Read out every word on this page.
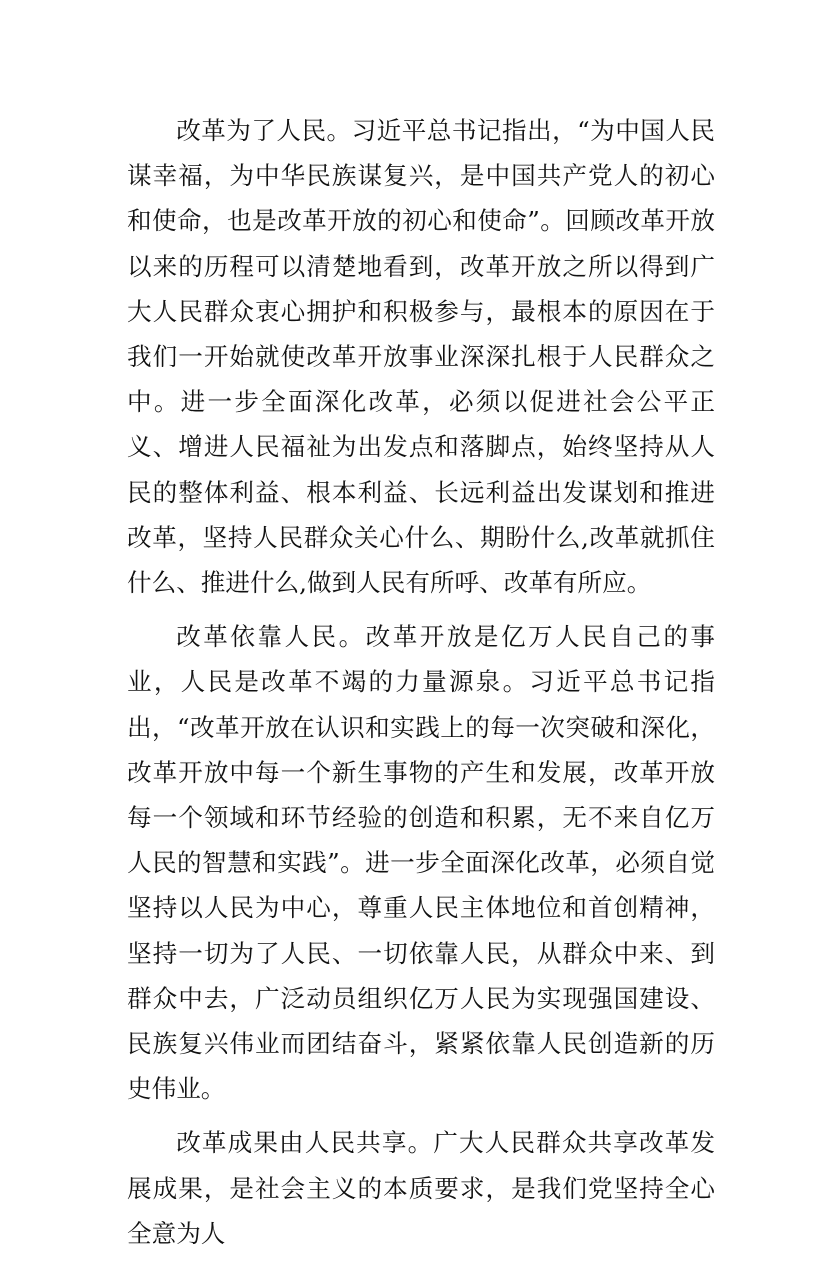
改革为了人民。习近平总书记指出，“为中国人民谋幸福，为中华民族谋复兴，是中国共产党人的初心和使命，也是改革开放的初心和使命”。回顾改革开放以来的历程可以清楚地看到，改革开放之所以得到广大人民群众衷心拥护和积极参与，最根本的原因在于我们一开始就使改革开放事业深深扎根于人民群众之中。进一步全面深化改革，必须以促进社会公平正义、增进人民福祉为出发点和落脚点，始终坚持从人民的整体利益、根本利益、长远利益出发谋划和推进改革，坚持人民群众关心什么、期盼什么,改革就抓住什么、推进什么,做到人民有所呼、改革有所应。

改革依靠人民。改革开放是亿万人民自己的事业，人民是改革不竭的力量源泉。习近平总书记指出，“改革开放在认识和实践上的每一次突破和深化，改革开放中每一个新生事物的产生和发展，改革开放每一个领域和环节经验的创造和积累，无不来自亿万人民的智慧和实践”。进一步全面深化改革，必须自觉坚持以人民为中心，尊重人民主体地位和首创精神，坚持一切为了人民、一切依靠人民，从群众中来、到群众中去，广泛动员组织亿万人民为实现强国建设、民族复兴伟业而团结奋斗，紧紧依靠人民创造新的历史伟业。

改革成果由人民共享。广大人民群众共享改革发展成果，是社会主义的本质要求，是我们党坚持全心全意为人
